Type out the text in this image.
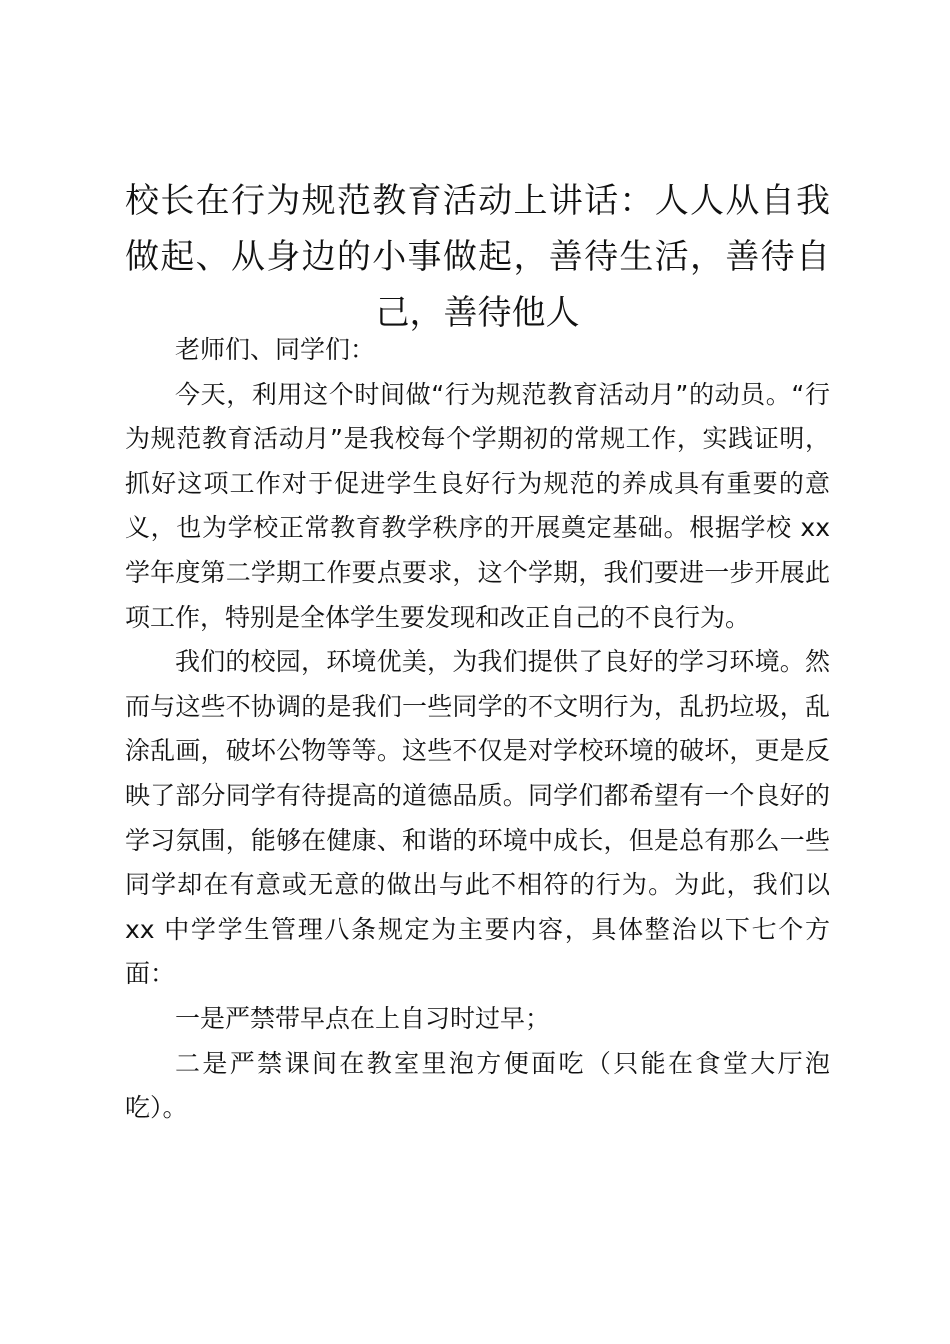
校长在行为规范教育活动上讲话：人人从自我做起、从身边的小事做起，善待生活，善待自己，善待他人

老师们、同学们：

今天，利用这个时间做“行为规范教育活动月”的动员。“行为规范教育活动月”是我校每个学期初的常规工作，实践证明，抓好这项工作对于促进学生良好行为规范的养成具有重要的意义，也为学校正常教育教学秩序的开展奠定基础。根据学校 xx 学年度第二学期工作要点要求，这个学期，我们要进一步开展此项工作，特别是全体学生要发现和改正自己的不良行为。

我们的校园，环境优美，为我们提供了良好的学习环境。然而与这些不协调的是我们一些同学的不文明行为，乱扔垃圾，乱涂乱画，破坏公物等等。这些不仅是对学校环境的破坏，更是反映了部分同学有待提高的道德品质。同学们都希望有一个良好的学习氛围，能够在健康、和谐的环境中成长，但是总有那么一些同学却在有意或无意的做出与此不相符的行为。为此，我们以 xx 中学学生管理八条规定为主要内容，具体整治以下七个方面：

一是严禁带早点在上自习时过早；

二是严禁课间在教室里泡方便面吃（只能在食堂大厅泡吃）。
